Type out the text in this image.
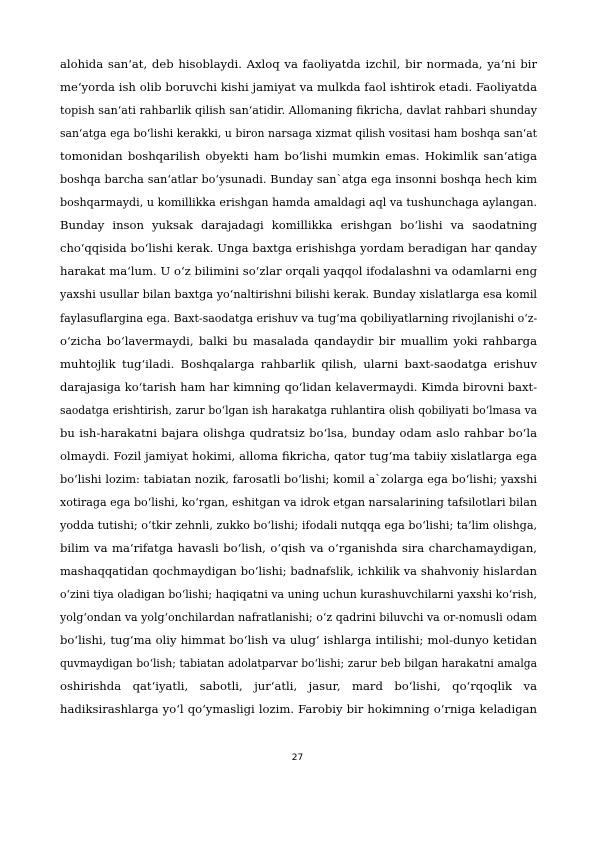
alohida san‘at, deb hisoblaydi. Axloq va faoliyatda izchil, bir normada, ya‘ni bir
me‘yorda ish olib boruvchi kishi jamiyat va mulkda faol ishtirok etadi. Faoliyatda
topish san‘ati rahbarlik qilish san‘atidir. Allomaning fikricha, davlat rahbari shunday
san‘atga ega bo‘lishi kerakki, u biron narsaga xizmat qilish vositasi ham boshqa san‘at
tomonidan boshqarilish obyekti ham bo‘lishi mumkin emas. Hokimlik san‘atiga
boshqa barcha san‘atlar bo‘ysunadi. Bunday san`atga ega insonni boshqa hech kim
boshqarmaydi, u komillikka erishgan hamda amaldagi aql va tushunchaga aylangan.
Bunday inson yuksak darajadagi komillikka erishgan bo‘lishi va saodatning
cho‘qqisida bo‘lishi kerak. Unga baxtga erishishga yordam beradigan har qanday
harakat ma‘lum. U o‘z bilimini so‘zlar orqali yaqqol ifodalashni va odamlarni eng
yaxshi usullar bilan baxtga yo‘naltirishni bilishi kerak. Bunday xislatlarga esa komil
faylasuflargina ega. Baxt-saodatga erishuv va tug‘ma qobiliyatlarning rivojlanishi o‘z-
o‘zicha bo‘lavermaydi, balki bu masalada qandaydir bir muallim yoki rahbarga
muhtojlik tug‘iladi. Boshqalarga rahbarlik qilish, ularni baxt-saodatga erishuv
darajasiga ko‘tarish ham har kimning qo‘lidan kelavermaydi. Kimda birovni baxt-
saodatga erishtirish, zarur bo‘lgan ish harakatga ruhlantira olish qobiliyati bo‘lmasa va
bu ish-harakatni bajara olishga qudratsiz bo‘lsa, bunday odam aslo rahbar bo‘la
olmaydi. Fozil jamiyat hokimi, alloma fikricha, qator tug‘ma tabiiy xislatlarga ega
bo‘lishi lozim: tabiatan nozik, farosatli bo‘lishi; komil a`zolarga ega bo‘lishi; yaxshi
xotiraga ega bo‘lishi, ko‘rgan, eshitgan va idrok etgan narsalarining tafsilotlari bilan
yodda tutishi; o‘tkir zehnli, zukko bo‘lishi; ifodali nutqqa ega bo‘lishi; ta’lim olishga,
bilim va ma‘rifatga havasli bo‘lish, o‘qish va o‘rganishda sira charchamaydigan,
mashaqqatidan qochmaydigan bo‘lishi; badnafslik, ichkilik va shahvoniy hislardan
o‘zini tiya oladigan bo‘lishi; haqiqatni va uning uchun kurashuvchilarni yaxshi ko‘rish,
yolg‘ondan va yolg‘onchilardan nafratlanishi; o‘z qadrini biluvchi va or-nomusli odam
bo‘lishi, tug‘ma oliy himmat bo‘lish va ulug‘ ishlarga intilishi; mol-dunyo ketidan
quvmaydigan bo‘lish; tabiatan adolatparvar bo‘lishi; zarur beb bilgan harakatni amalga
oshirishda qat‘iyatli, sabotli, jur‘atli, jasur, mard bo‘lishi, qo‘rqoqlik va
hadiksirashlarga yo‘l qo‘ymasligi lozim. Farobiy bir hokimning o‘rniga keladigan
27
